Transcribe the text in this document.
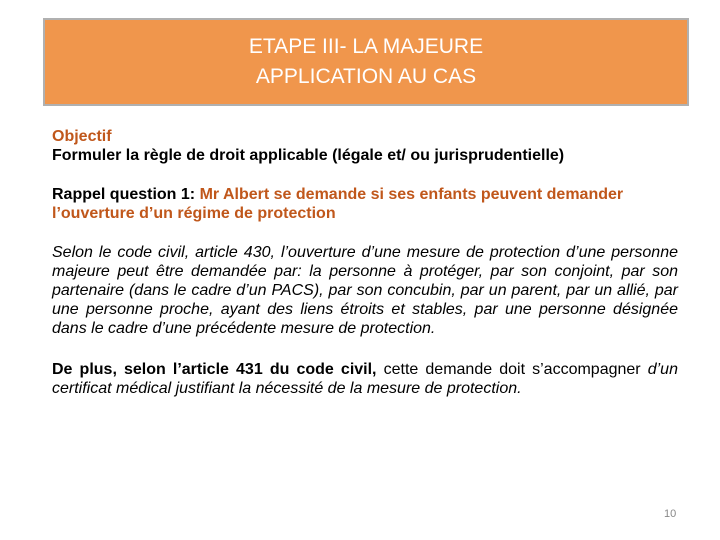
ETAPE III- LA MAJEURE
APPLICATION AU CAS
Objectif
Formuler la règle de droit applicable (légale et/ ou jurisprudentielle)
Rappel question 1: Mr Albert se demande si ses enfants peuvent demander l’ouverture d’un régime de protection
Selon le code civil, article 430, l’ouverture d’une mesure de protection d’une personne majeure peut être demandée par: la personne à protéger, par son conjoint, par son partenaire (dans le cadre d’un PACS), par son concubin, par un parent, par un allié, par une personne proche, ayant des liens étroits et stables, par une personne désignée dans le cadre d’une précédente mesure de protection.
De plus, selon l’article 431 du code civil, cette demande doit s’accompagner d’un certificat médical justifiant la nécessité de la mesure de protection.
10
